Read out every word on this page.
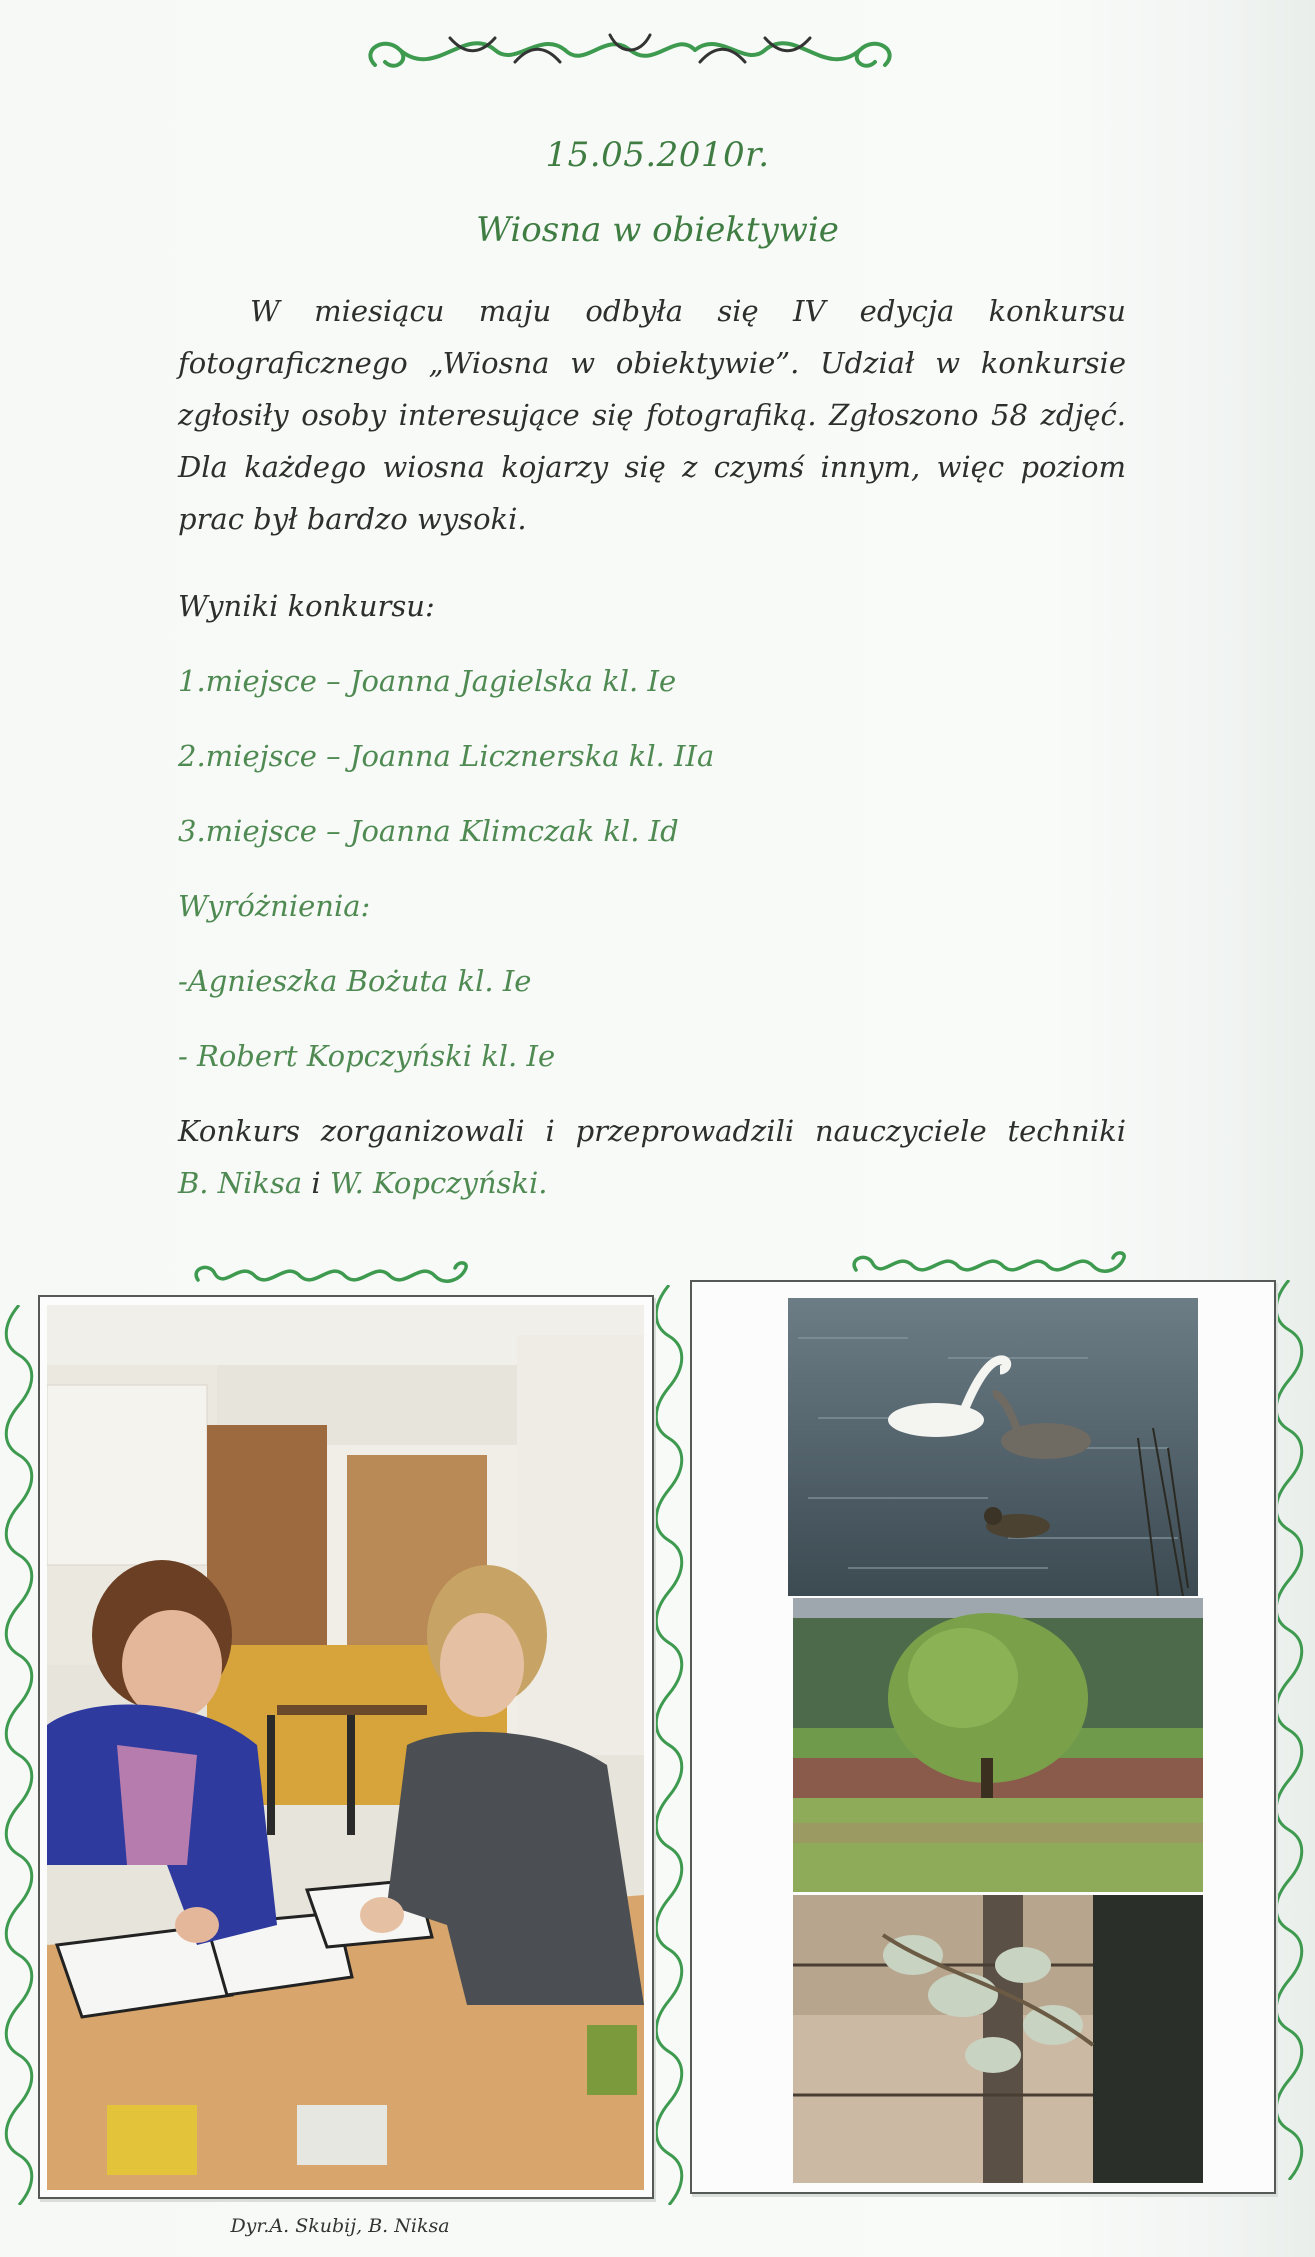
15.05.2010r.
Wiosna w obiektywie

W miesiącu maju odbyła się IV edycja konkursu fotograficznego „Wiosna w obiektywie”. Udział w konkursie zgłosiły osoby interesujące się fotografiką. Zgłoszono 58 zdjęć. Dla każdego wiosna kojarzy się z czymś innym, więc poziom prac był bardzo wysoki.

Wyniki konkursu:

1.miejsce – Joanna Jagielska kl. Ie

2.miejsce – Joanna Licznerska kl. IIa

3.miejsce – Joanna Klimczak kl. Id

Wyróżnienia:

-Agnieszka Bożuta kl. Ie

- Robert Kopczyński kl. Ie

Konkurs zorganizowali i przeprowadzili nauczyciele techniki

B. Niksa i W. Kopczyński.

Dyr.A. Skubij, B. Niksa
